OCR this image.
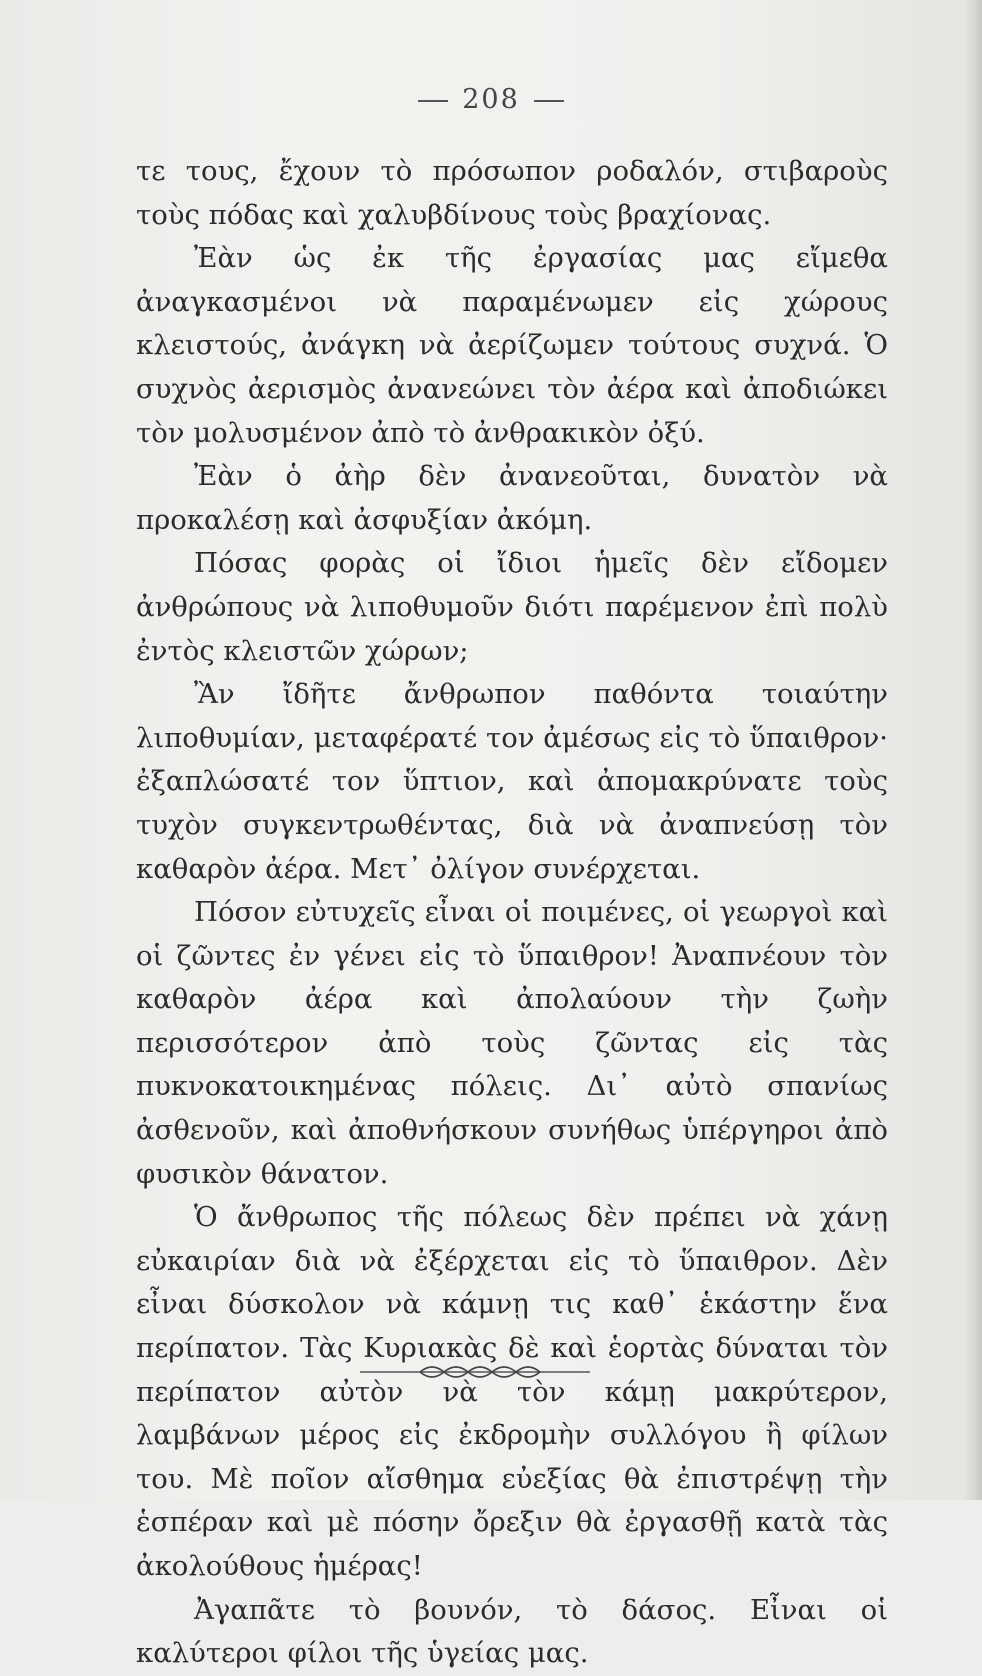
208

τε τους, ἔχουν τὸ πρόσωπον ροδαλόν, στιβαροὺς τοὺς πόδας καὶ χαλυβδίνους τοὺς βραχίονας.

Ἐὰν ὡς ἐκ τῆς ἐργασίας μας εἴμεθα ἀναγκασμένοι νὰ παραμένωμεν εἰς χώρους κλειστούς, ἀνάγκη νὰ ἀερίζωμεν τούτους συχνά. Ὁ συχνὸς ἀερισμὸς ἀνανεώνει τὸν ἀέρα καὶ ἀποδιώκει τὸν μολυσμένον ἀπὸ τὸ ἀνθρακικὸν ὀξύ.

Ἐὰν ὁ ἀὴρ δὲν ἀνανεοῦται, δυνατὸν νὰ προκαλέσῃ καὶ ἀσφυξίαν ἀκόμη.

Πόσας φορὰς οἱ ἴδιοι ἡμεῖς δὲν εἴδομεν ἀνθρώπους νὰ λιποθυμοῦν διότι παρέμενον ἐπὶ πολὺ ἐντὸς κλειστῶν χώρων;

Ἂν ἴδῆτε ἄνθρωπον παθόντα τοιαύτην λιποθυμίαν, μεταφέρατέ τον ἀμέσως εἰς τὸ ὕπαιθρον· ἐξαπλώσατέ τον ὕπτιον, καὶ ἀπομακρύνατε τοὺς τυχὸν συγκεντρωθέντας, διὰ νὰ ἀναπνεύσῃ τὸν καθαρὸν ἀέρα. Μετ᾽ ὀλίγον συνέρχεται.

Πόσον εὐτυχεῖς εἶναι οἱ ποιμένες, οἱ γεωργοὶ καὶ οἱ ζῶντες ἐν γένει εἰς τὸ ὕπαιθρον! Ἀναπνέουν τὸν καθαρὸν ἀέρα καὶ ἀπολαύουν τὴν ζωὴν περισσότερον ἀπὸ τοὺς ζῶντας εἰς τὰς πυκνοκατοικημένας πόλεις. Δι᾽ αὐτὸ σπανίως ἀσθενοῦν, καὶ ἀποθνήσκουν συνήθως ὑπέργηροι ἀπὸ φυσικὸν θάνατον.

Ὁ ἄνθρωπος τῆς πόλεως δὲν πρέπει νὰ χάνῃ εὐκαιρίαν διὰ νὰ ἐξέρχεται εἰς τὸ ὕπαιθρον. Δὲν εἶναι δύσκολον νὰ κάμνῃ τις καθ᾽ ἑκάστην ἕνα περίπατον. Τὰς Κυριακὰς δὲ καὶ ἑορτὰς δύναται τὸν περίπατον αὐτὸν νὰ τὸν κάμῃ μακρύτερον, λαμβάνων μέρος εἰς ἐκδρομὴν συλλόγου ἢ φίλων του. Μὲ ποῖον αἴσθημα εὐεξίας θὰ ἐπιστρέψῃ τὴν ἑσπέραν καὶ μὲ πόσην ὄρεξιν θὰ ἐργασθῇ κατὰ τὰς ἀκολούθους ἡμέρας!

Ἀγαπᾶτε τὸ βουνόν, τὸ δάσος. Εἶναι οἱ καλύτεροι φίλοι τῆς ὑγείας μας.
